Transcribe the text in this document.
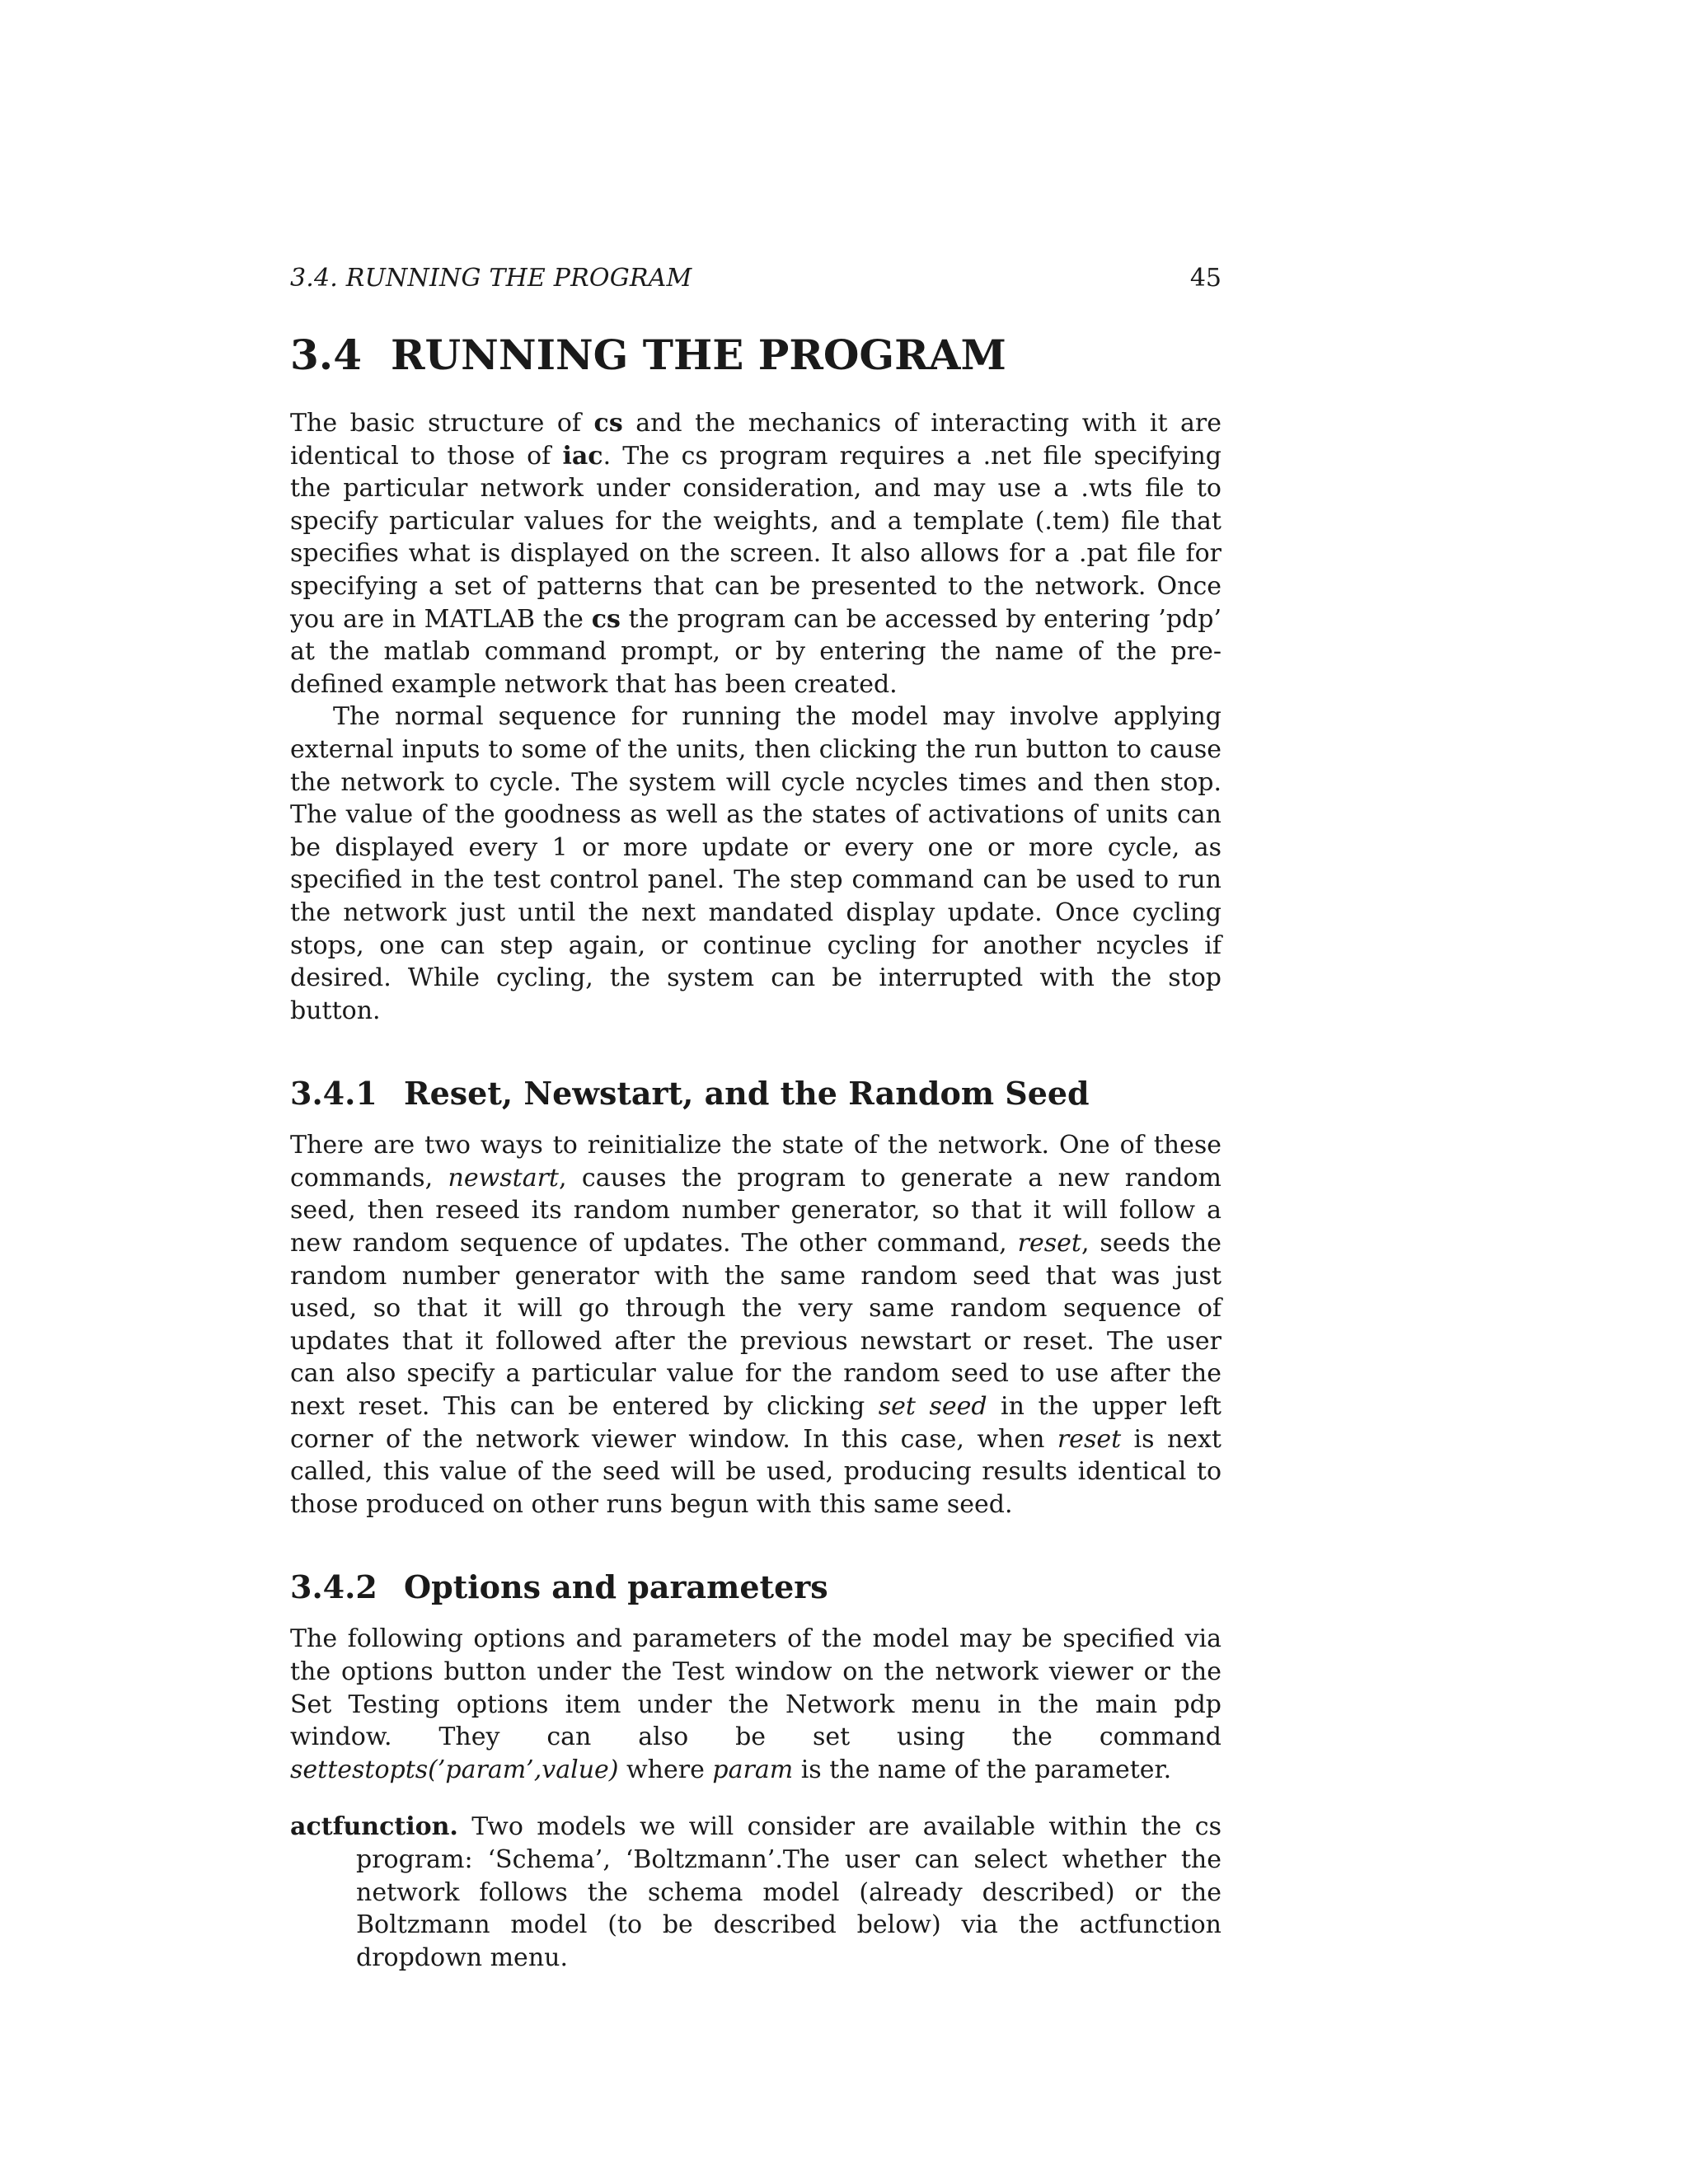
3.4. RUNNING THE PROGRAM	45
3.4 RUNNING THE PROGRAM

The basic structure of cs and the mechanics of interacting with it are identical to those of iac. The cs program requires a .net file specifying the particular network under consideration, and may use a .wts file to specify particular values for the weights, and a template (.tem) file that specifies what is displayed on the screen. It also allows for a .pat file for specifying a set of patterns that can be presented to the network. Once you are in MATLAB the cs the program can be accessed by entering ’pdp’ at the matlab command prompt, or by entering the name of the pre-defined example network that has been created.

The normal sequence for running the model may involve applying external inputs to some of the units, then clicking the run button to cause the network to cycle. The system will cycle ncycles times and then stop. The value of the goodness as well as the states of activations of units can be displayed every 1 or more update or every one or more cycle, as specified in the test control panel. The step command can be used to run the network just until the next mandated display update. Once cycling stops, one can step again, or continue cycling for another ncycles if desired. While cycling, the system can be interrupted with the stop button.

3.4.1 Reset, Newstart, and the Random Seed

There are two ways to reinitialize the state of the network. One of these commands, newstart, causes the program to generate a new random seed, then reseed its random number generator, so that it will follow a new random sequence of updates. The other command, reset, seeds the random number generator with the same random seed that was just used, so that it will go through the very same random sequence of updates that it followed after the previous newstart or reset. The user can also specify a particular value for the random seed to use after the next reset. This can be entered by clicking set seed in the upper left corner of the network viewer window. In this case, when reset is next called, this value of the seed will be used, producing results identical to those produced on other runs begun with this same seed.

3.4.2 Options and parameters

The following options and parameters of the model may be specified via the options button under the Test window on the network viewer or the Set Testing options item under the Network menu in the main pdp window. They can also be set using the command settestopts(’param’,value) where param is the name of the parameter.

actfunction. Two models we will consider are available within the cs program: ‘Schema’, ‘Boltzmann’.The user can select whether the network follows the schema model (already described) or the Boltzmann model (to be described below) via the actfunction dropdown menu.
